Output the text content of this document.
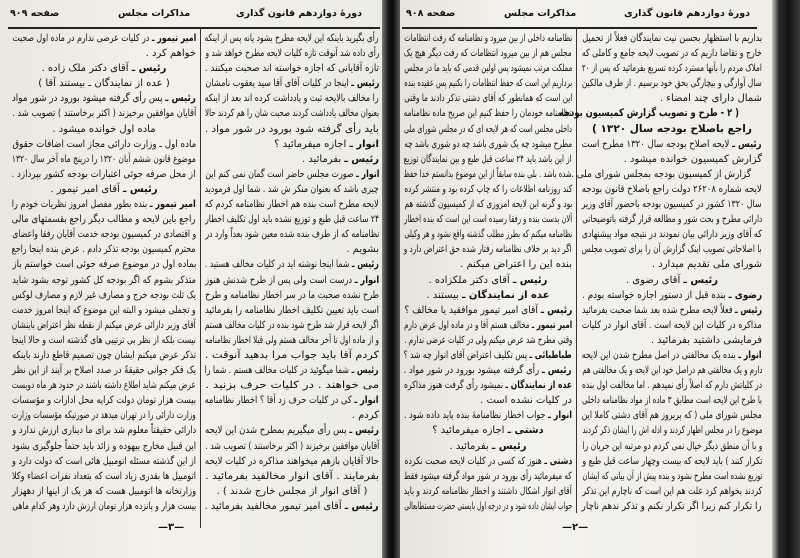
دورهٔ دوازدهم قانون گذاری
مذاکرات مجلس
صفحه ۹۰۹
رأی بگیرید باینکه این لایحه مطرح بشود یانه پس از اینکه
رأی داده شد آنوقت تازه کلیات لایحه مطرح خواهد شد و
تازه آقایانی که اجازه خواسته اند صحبت میکنند .
رئیس ـ اینجا در کلیات آقای آقا سید یعقوب نامشان
را مخالف بالایحه ثبت و یادداشت کرده اند بعد از اینکه
بعنوان مخالف یادداشت کردند صحبت شان را هم کردند حالا
باید رأی گرفته شود بورود در شور مواد .
انوار ـ اجازه میفرمائید ؟
رئیس ـ بفرمائید .
انوار ـ صورت مجلس حاضر است گمان نمی کنم این
چیزی باشد که بعنوان منکر ش شد . شما اول فرمودید
لایحه مطرح است بنده هم اخطار نظامنامه کردم که
۲۴ ساعت قبل طبع و توزیع نشده باید اول تکلیف اخطار
نظامنامه که از طرف بنده شده معین شود بعداً وارد در
بشویم .
رئیس ـ شما اینجا نوشته اید در کلیات مخالف هستید .
انوار ـ درست است ولی پس از طرح شدنش هنوز
طرح نشده صحبت ما در سر اخطار نظامنامه و طرح
است باید تعیین تکلیف اخطار نظامنامه را بفرمائید
اگر لایحه قرار شد طرح شود بنده در کلیات مخالف هستم
و از ماده اول تا آخر مخالف هستم ولی قبلا اخطار نظامنامه
کردم آقا باید جواب مرا بدهید آنوقت .
رئیس ـ شما میگوئید در کلیات مخالف هستم . شما را
می خواهند . در کلیات حرف بزنید .
انوار ـ کی در کلیات حرف زد آقا ؟ اخطار نظامنامه
کردم .
رئیس ـ پس رأی میگیریم بمطرح شدن این لایحه
آقایان موافقین برخیزند ( اکثر برخاستند ) تصویب شد .
حالا آقایان بازهم میخواهند مذاکره در کلیات لایحه
بفرمایند . آقای انوار مخالفید بفرمائید .
( آقای انوار از مجلس خارج شدند ) .
رئیس ـ آقای امیر تیمور مخالفید بفرمائید .
امیر تیمور ـ در کلیات عرضی ندارم در ماده اول صحبت
خواهم کرد .
رئیس ـ آقای دکتر ملک زاده .
( عده از نمایندگان ـ بیستند آقا )
رئیس ـ پس رأی گرفته میشود بورود در شور مواد
آقایان موافقین برخیزند ( اکثر برخاستند ) تصویب شد .
ماده اول خوانده میشود .
ماده اول ـ وزارت دارائی مجاز است اضافات حقوق
موضوع قانون ششم آبان ۱۳۲۰ را درپنج ماه آخر سال ۱۳۲۰
از محل صرفه جوئی اعتبارات بودجه کشور بپردازد .
رئیس ـ آقای امیر تیمور .
امیر تیمور ـ بنده بطور مفصل امروز نظریات خودم را
راجع باین لایحه و مطالب دیگر راجع بقسمتهای مالی
و اقتصادی در کمیسیون بودجه خدمت آقایان رفقا واعضای
محترم کمیسیون بودجه تذکر دادم . عرض بنده اینجا راجع
بماده اول در موضوع صرفه جوئی است خواستم باز
متذکر بشوم که اگر بودجه کل کشور توجه بشود شاید
یک ثلث بودجه خرج و مصارف غیر لازم و مصارف لوکس
و تجملی میشود و البته این موضوع که اینجا امروز خدمت
آقای وزیر دارائی عرض میکنم از نقطه نظر اعتراض باینشان
نیست بلکه از نظر بی ترتیبی های گذشته است و حالا اینجا
تذکر عرض میکنم ایشان چون تصمیم قاطع دارند باینکه
یک فکر جوانی حقیقةً در صدد اصلاح بر آیند از این نظر
عرض میکنم شاید اطلاع داشته باشند در حدود هر ماه دویست
بیست هزار تومان دولت کرایه محل ادارات و مؤسسات
وزارت دارائی را در تهران میدهد در صورتیکه مؤسسات وزارت
دارائی حقیقتاً معلوم شد برای ما دیناری ارزش ندارد و
این قبیل مخارج بیهوده و زائد باید حتماً جلوگیری بشود
از این گذشته مسئله اتومبیل هائی است که دولت دارد و
اتومبیل ها بقدری زیاد است که بتعداد نفرات اعضاء وکلا
وزارتخانه ها اتومبیل هست که هر یک از اینها از دههزار
بیست هزار و پانزده هزار تومان ارزش دارد وهر کدام ماهی
—۳—
دورهٔ دوازدهم قانون گذاری
مذاکرات مجلس
صفحه ۹۰۸
بداریم با استظهار بحسن نیت نمایندگان فعلاً از تحمیل
خارج و تقاضا داریم که در تصویب لایحه جامع و کاملی که
املاک مردم را بآنها مسترد کرده تسریع بفرمائید که پس از ۲۰
سال آوارگی و بیچارگی بحق خود برسیم . از طرف مالکین
شمال دارای چند امضاء .
( ۲ - طرح و تصویب گزارش کمیسیون بودجه
راجع باصلاح بودجه سال ۱۳۲۰ )
رئیس ـ لایحه اصلاح بودجه سال ۱۳۲۰ مطرح است
گزارش کمیسیون خوانده میشود .
گزارش از کمیسیون بودجه بمجلس شورای ملی .
لایحه شماره ۲۶۲۰۸ دولت راجع باصلاح قانون بودجه
سال ۱۳۲۰ کشور در کمیسیون بودجه باحضور آقای وزیر
دارائی مطرح و بحث شور و مطالعه قرار گرفته باتوضیحاتی
که آقای وزیر دارائی بیان نمودند در نتیجه مواد پیشنهادی
با اصلاحاتی تصویب اینک گزارش آن را برای تصویب مجلس
شورای ملی تقدیم میدارد .
رئیس ـ آقای رضوی .
رضوی ـ بنده قبل از دستور اجازه خواسته بودم .
رئیس ـ فعلاً لایحه مطرح شده بعد شما صحبت بفرمائید
مذاکره در کلیات این لایحه است . آقای انوار در کلیات
فرمایشی داشتید بفرمائید .
انوار ـ بنده یک مخالفتی در اصل مطرح شدن این لایحه
دارم و یک مخالفتی هم دراصل خود این لایحه و یک مخالفتی هم
در کلیاتش دارم که اصلاً رأی نمیدهم . اما مخالفت اول بنده
با طرح این لایحه است مطابق ۳ ماده از مواد نظامنامه داخلی
مجلس شورای ملی ( که پریروز هم آقای دشتی کاملا این
موضوع را در مجلس اظهار کردند و ادله اش را ایشان ذکر کردند
و با آن منطق دیگر خیال نمی کردم دو مرتبه این جریان را
تکرار کنند ) باید لایحه که بیست وچهار ساعت قبل طبع و
توزیع نشده است مطرح نشود و بنده پیش از آن بیانی که ایشان
کردند بخواهم کرد علت هم این است که ناچارم این تذکر
را تکرار کنم زیرا اگر تکرار نکنم و تذکر ندهم ناچار
نظامنامه داخلی از بین میرود و نظامنامه که رفت انتظامات
مجلس هم از بین میرود انتظامات که رفت دیگر هیچ یک
مملکت مرتب نمیشود پس اولین قدمی که باید ما در مجلس
برداریم این است که حفظ انتظامات را بکنیم پس عقیده بنده
این است که همانطور که آقای دشتی تذکر دادند ما وقتی
نظامنامه خودمان را حفظ کنیم این صریح ماده نظامنامه
داخلی مجلس است که هر لایحه ای که در مجلس شورای ملی
مطرح میشود چه یک شوری باشد چه دو شوری باشد چه
از این باشد باید ۲۴ ساعت قبل طبع و بین نمایندگان توزیع
شده باشد . بلی بنده سابقاً از این موضوع بدانستم خدا حفظ
کند روزنامه اطلاعات را که چاپ کرده بود و منتشر کرده
بود و گرنه این لایحه امروزی که از کمیسیون گذشته هم
آلان بدست بنده و رفقا رسیده است این است که بنده اخطار
نظامنامه میکنم که بطرز مطلب گذشته واقع نشود و هر وکیلی
اگر دید بر خلاف نظامنامه رفتار شده حق اعتراض دارد و
بنده این را اعتراض میکنم .
رئیس ـ آقای دکتر ملکزاده .
عده از نمایندگان ـ بیستند .
رئیس ـ آقای امیر تیمور موافقید یا مخالف ؟
امیر تیمور ـ مخالف هستم آقا و در ماده اول عرض دارم
وقتی مطرح شد عرض میکنم ولی در کلیات عرضی ندارم .
طباطبائی ـ پس تکلیف اعتراض آقای انوار چه شد ؟
رئیس ـ رأی گرفته میشود بورود در شور مواد .
عده از نمایندگان ـ نمیشود رأی گرفت هنوز مذاکره
در کلیات نشده است .
انوار ـ جواب اخطار نظامنامهٔ بنده باید داده شود .
دشتی ـ اجازه میفرمائید ؟
رئیس ـ بفرمائید .
دشتی ـ هنوز که کسی در کلیات لایحه صحبت نکرده
که میفرمائید رأی بورود در شور مواد گرفته میشود فقط
آقای انوار اشکال داشتند و اخطار نظامنامه کردند و باید
جواب ایشان داده شود و در درجه اول بایستی حضرت مستطابعالی
—۲—
